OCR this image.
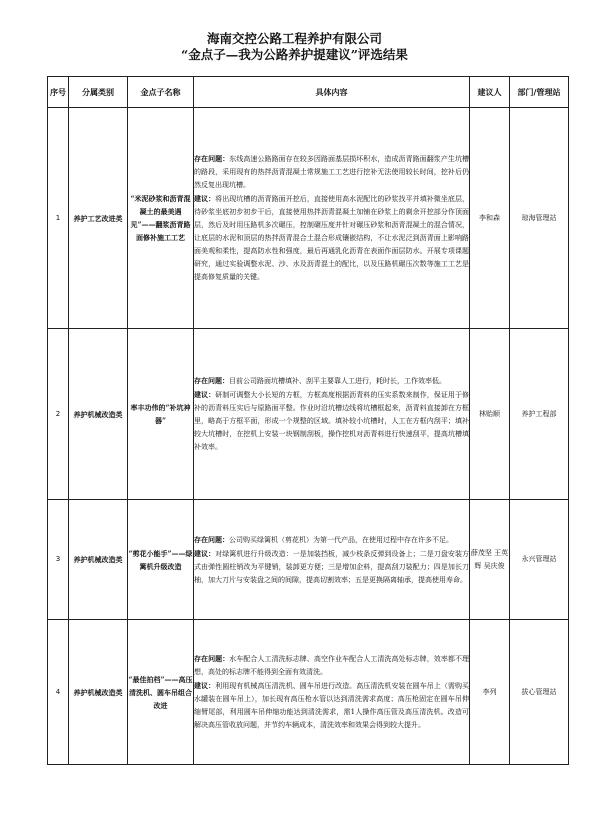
海南交控公路工程养护有限公司
“金点子—我为公路养护提建议”评选结果
序号	分属类别	金点子名称	具体内容	建议人	部门/管理站
1	养护工艺改进类	“米泥砂浆和沥青混凝土的最美遇见”——翻浆沥青路面修补施工工艺	存在问题：东线高速公路路面存在较多因路面基层损坏积水，造成沥青路面翻浆产生坑槽的路段，采用现有的热拌沥青混凝土常规施工工艺进行挖补无法使用较长时间，挖补后仍然反复出现坑槽。
建议：将出现坑槽的沥青路面开挖后，直接使用高水泥配比的砂浆找平并填补微坐底层，待砂浆坐底初步初步干后，直接使用热拌沥青混凝土加铺在砂浆上的剩余开挖部分作顶面层，然后及时用压路机多次碾压，控制碾压度并针对碾压砂浆和沥青混凝土的混合情况，让底层的水泥和顶层的热拌沥青混合土混合形成镶嵌结构，不让水泥泛到沥青面上影响路面美观和柔性，提高防水性和强度，最后再通乳化沥青在表面作面层防水。开展专项课题研究，通过实验调整水泥、沙、水及沥青混土的配比，以及压路机碾压次数等施工工艺是提高修复质量的关键。	李和森	琼海管理站
2	养护机械改造类	率丰功伟的“补坑神器”	存在问题：目前公司路面坑槽填补、刮平主要靠人工进行，耗时长，工作效率低。
建议：研制可调整大小长短的方框，方框高度根据沥青料的压实系数来制作，保证用于修补的沥青料压实后与原路面平整。作业时沿坑槽边线将坑槽框起来，沥青料直接卸在方框里，略高于方框平面，形成一个规整的区域。填补较小坑槽时，人工在方框内刮平；填补较大坑槽时，在挖机上安装一块钢制刮板，操作挖机对沥青料进行快速刮平，提高坑槽填补效率。	林贻顺	养护工程部
3	养护机械改造类	“剪花小能手”——绿篱机升级改造	存在问题：公司购买绿篱机（剪花机）为第一代产品，在使用过程中存在许多不足。
建议：对绿篱机进行升级改造：一是加装挡板，减少枝条反弹到设备上；二是刀盘安装方式由弹性圆柱销改为平键销，装卸更方便；三是增加企料，提高刮刀装配力；四是加长刀柚，加大刀片与安装盘之间的间隙，提高切割效率；五是更换隔离轴承，提高使用寿命。	薛茂坚 王英辉 吴庆俊	永兴管理站
4	养护机械改造类	“最佳拍档”——高压清洗机、圆车吊组合改进	存在问题：水车配合人工清洗标志牌、高空作业车配合人工清洗高处标志牌，效率都不理想，高处的标志牌不能得到全面有效清洗。
建议：利用现有机械高压清洗机、圆车吊进行改造。高压清洗机安装在圆车吊上（需购买水罐装在圆车吊上），加长现有高压枪水管以达到清洗需求高度；高压枪固定在圆车吊伸缩臂尾部，利用圆车吊伸缩功能达到清洗需求，需1人操作高压管及高压清洗机。改造可解决高压管收放问题，并节约车辆成本，清洗效率和效果会得到较大提升。	李列	拔心管理站
